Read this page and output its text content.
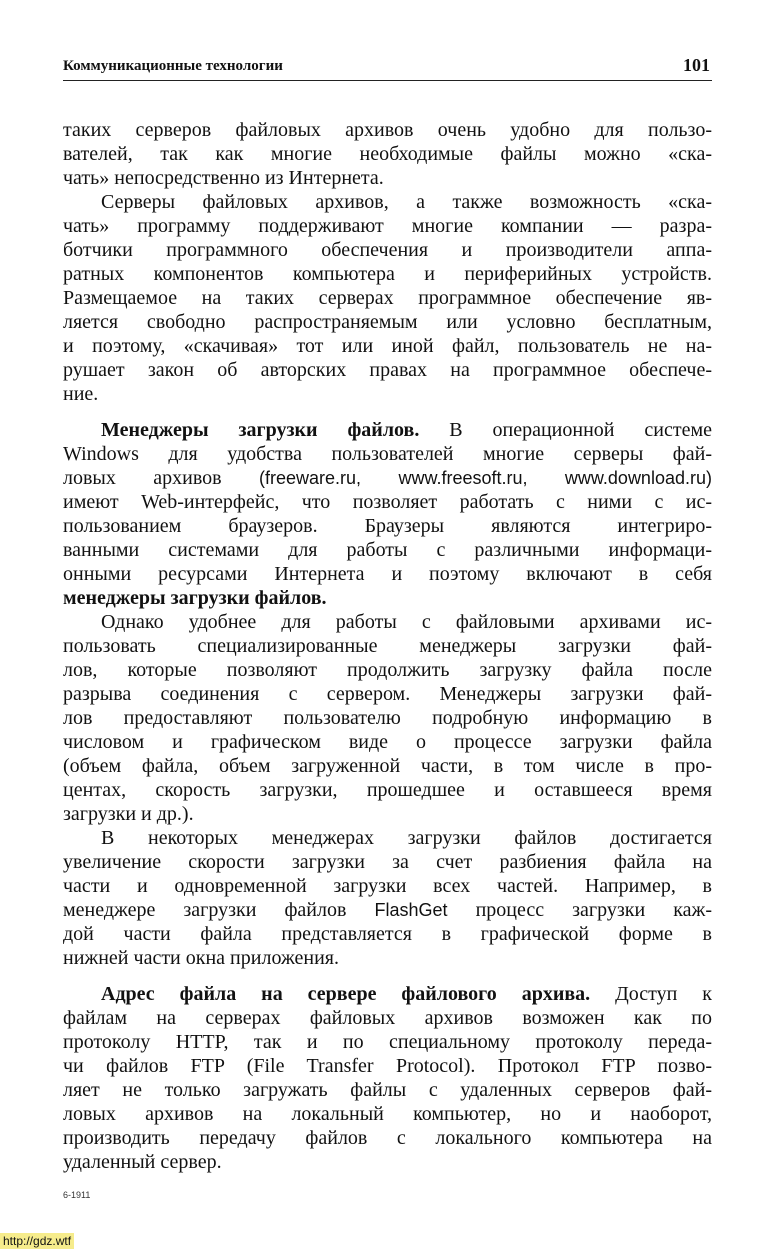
Коммуникационные технологии	101
таких серверов файловых архивов очень удобно для пользо-
вателей, так как многие необходимые файлы можно «ска-
чать» непосредственно из Интернета.
Серверы файловых архивов, а также возможность «ска-
чать» программу поддерживают многие компании — разра-
ботчики программного обеспечения и производители аппа-
ратных компонентов компьютера и периферийных устройств.
Размещаемое на таких серверах программное обеспечение яв-
ляется свободно распространяемым или условно бесплатным,
и поэтому, «скачивая» тот или иной файл, пользователь не на-
рушает закон об авторских правах на программное обеспече-
ние.
Менеджеры загрузки файлов. В операционной системе
Windows для удобства пользователей многие серверы фай-
ловых архивов (freeware.ru, www.freesoft.ru, www.download.ru)
имеют Web-интерфейс, что позволяет работать с ними с ис-
пользованием браузеров. Браузеры являются интегриро-
ванными системами для работы с различными информаци-
онными ресурсами Интернета и поэтому включают в себя
менеджеры загрузки файлов.
Однако удобнее для работы с файловыми архивами ис-
пользовать специализированные менеджеры загрузки фай-
лов, которые позволяют продолжить загрузку файла после
разрыва соединения с сервером. Менеджеры загрузки фай-
лов предоставляют пользователю подробную информацию в
числовом и графическом виде о процессе загрузки файла
(объем файла, объем загруженной части, в том числе в про-
центах, скорость загрузки, прошедшее и оставшееся время
загрузки и др.).
В некоторых менеджерах загрузки файлов достигается
увеличение скорости загрузки за счет разбиения файла на
части и одновременной загрузки всех частей. Например, в
менеджере загрузки файлов FlashGet процесс загрузки каж-
дой части файла представляется в графической форме в
нижней части окна приложения.
Адрес файла на сервере файлового архива. Доступ к
файлам на серверах файловых архивов возможен как по
протоколу HTTP, так и по специальному протоколу переда-
чи файлов FTP (File Transfer Protocol). Протокол FTP позво-
ляет не только загружать файлы с удаленных серверов фай-
ловых архивов на локальный компьютер, но и наоборот,
производить передачу файлов с локального компьютера на
удаленный сервер.
6-1911
http://gdz.wtf
